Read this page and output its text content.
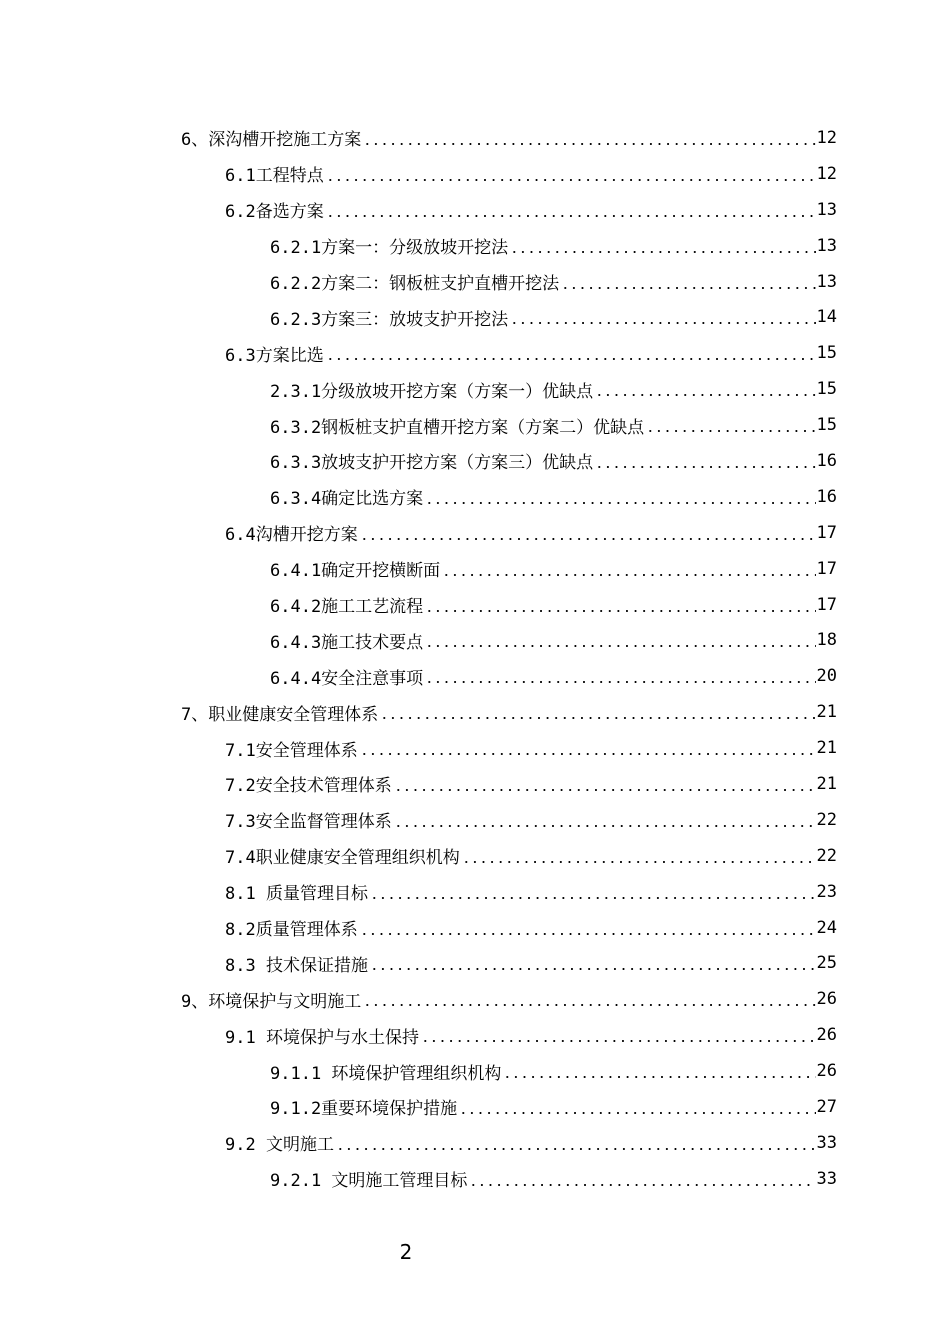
6、深沟槽开挖施工方案	12
6.1工程特点	12
6.2备选方案	13
6.2.1方案一：分级放坡开挖法	13
6.2.2方案二：钢板桩支护直槽开挖法	13
6.2.3方案三：放坡支护开挖法	14
6.3方案比选	15
2.3.1分级放坡开挖方案（方案一）优缺点	15
6.3.2钢板桩支护直槽开挖方案（方案二）优缺点	15
6.3.3放坡支护开挖方案（方案三）优缺点	16
6.3.4确定比选方案	16
6.4沟槽开挖方案	17
6.4.1确定开挖横断面	17
6.4.2施工工艺流程	17
6.4.3施工技术要点	18
6.4.4安全注意事项	20
7、职业健康安全管理体系	21
7.1安全管理体系	21
7.2安全技术管理体系	21
7.3安全监督管理体系	22
7.4职业健康安全管理组织机构	22
8.1 质量管理目标	23
8.2质量管理体系	24
8.3 技术保证措施	25
9、环境保护与文明施工	26
9.1 环境保护与水土保持	26
9.1.1 环境保护管理组织机构	26
9.1.2重要环境保护措施	27
9.2 文明施工	33
9.2.1 文明施工管理目标	33
2
